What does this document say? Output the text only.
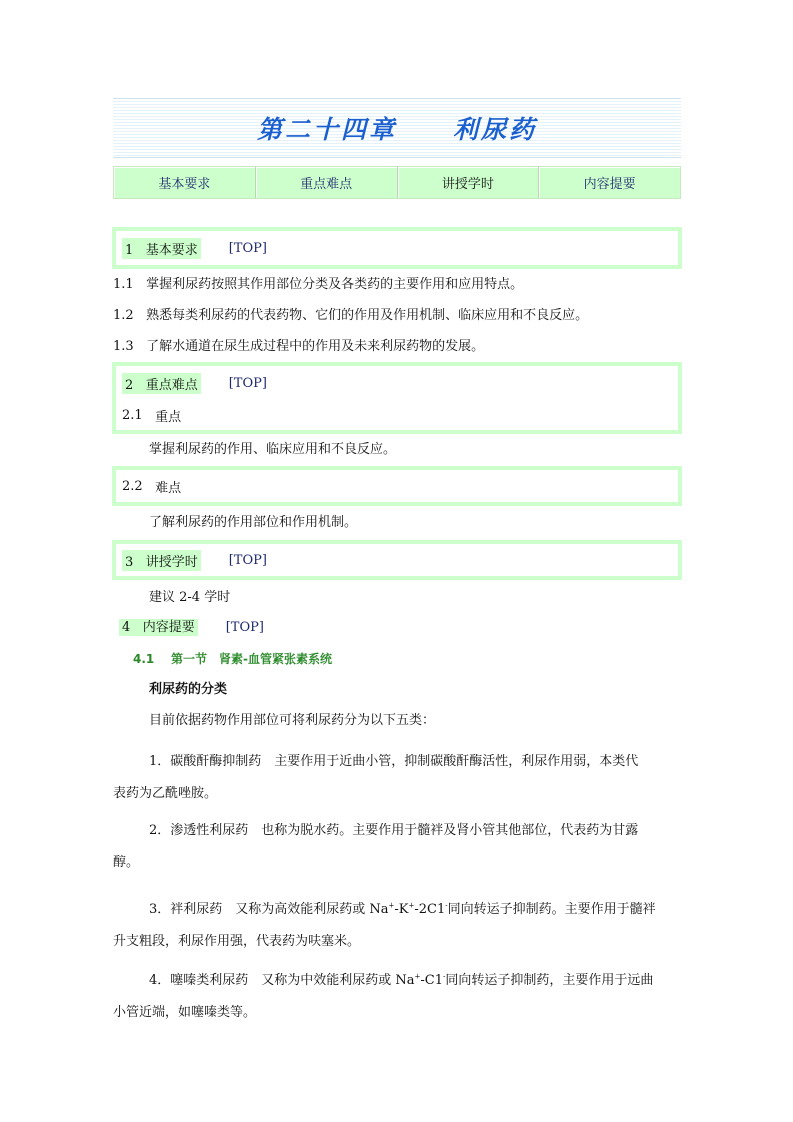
第二十四章　　利尿药
基本要求	重点难点	讲授学时	内容提要
1 基本要求 [TOP]
1.1 掌握利尿药按照其作用部位分类及各类药的主要作用和应用特点。
1.2 熟悉每类利尿药的代表药物、它们的作用及作用机制、临床应用和不良反应。
1.3 了解水通道在尿生成过程中的作用及未来利尿药物的发展。
2 重点难点 [TOP]
2.1
重点
掌握利尿药的作用、临床应用和不良反应。
2.2
难点
了解利尿药的作用部位和作用机制。
3 讲授学时 [TOP]
建议 2-4 学时
4 内容提要 [TOP]
4.1 第一节　肾素-血管紧张素系统
利尿药的分类
目前依据药物作用部位可将利尿药分为以下五类：
1．碳酸酐酶抑制药　主要作用于近曲小管，抑制碳酸酐酶活性，利尿作用弱，本类代
表药为乙酰唑胺。
2．渗透性利尿药　也称为脱水药。主要作用于髓袢及肾小管其他部位，代表药为甘露
醇。
3．袢利尿药　又称为高效能利尿药或 Na+-K+-2C1-同向转运子抑制药。主要作用于髓袢
升支粗段，利尿作用强，代表药为呋塞米。
4．噻嗪类利尿药　又称为中效能利尿药或 Na+-C1-同向转运子抑制药，主要作用于远曲
小管近端，如噻嗪类等。
